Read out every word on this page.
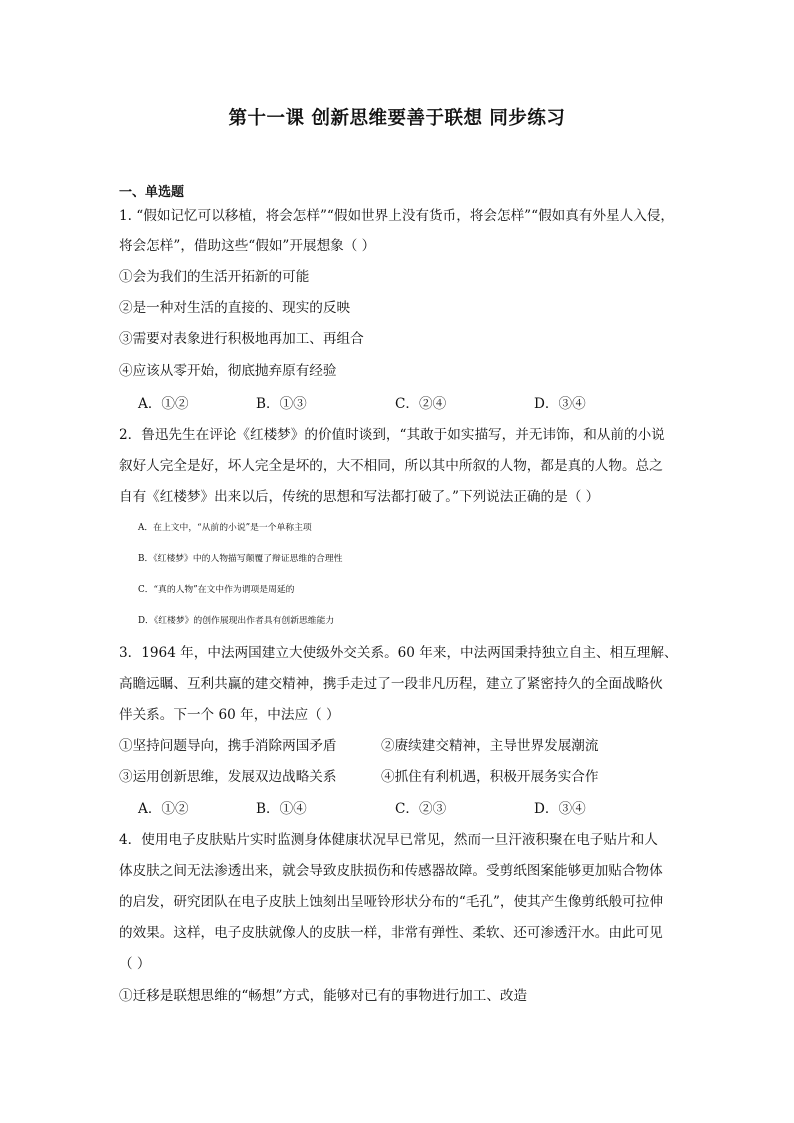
第十一课 创新思维要善于联想 同步练习
一、单选题
1. “假如记忆可以移植，将会怎样”“假如世界上没有货币，将会怎样”“假如真有外星人入侵，
将会怎样”，借助这些“假如”开展想象（ ）
①会为我们的生活开拓新的可能
②是一种对生活的直接的、现实的反映
③需要对表象进行积极地再加工、再组合
④应该从零开始，彻底抛弃原有经验
A．①②	B．①③	C．②④	D．③④
2．鲁迅先生在评论《红楼梦》的价值时谈到，“其敢于如实描写，并无讳饰，和从前的小说
叙好人完全是好，坏人完全是坏的，大不相同，所以其中所叙的人物，都是真的人物。总之
自有《红楼梦》出来以后，传统的思想和写法都打破了。”下列说法正确的是（ ）
A．在上文中，“从前的小说”是一个单称主项
B．《红楼梦》中的人物描写颠覆了辩证思维的合理性
C．“真的人物”在文中作为谓项是周延的
D．《红楼梦》的创作展现出作者具有创新思维能力
3．1964 年，中法两国建立大使级外交关系。60 年来，中法两国秉持独立自主、相互理解、
高瞻远瞩、互利共赢的建交精神，携手走过了一段非凡历程，建立了紧密持久的全面战略伙
伴关系。下一个 60 年，中法应（ ）
①坚持问题导向，携手消除两国矛盾	②赓续建交精神，主导世界发展潮流
③运用创新思维，发展双边战略关系	④抓住有利机遇，积极开展务实合作
A．①②	B．①④	C．②③	D．③④
4．使用电子皮肤贴片实时监测身体健康状况早已常见，然而一旦汗液积聚在电子贴片和人
体皮肤之间无法渗透出来，就会导致皮肤损伤和传感器故障。受剪纸图案能够更加贴合物体
的启发，研究团队在电子皮肤上蚀刻出呈哑铃形状分布的“毛孔”，使其产生像剪纸般可拉伸
的效果。这样，电子皮肤就像人的皮肤一样，非常有弹性、柔软、还可渗透汗水。由此可见
（ ）
①迁移是联想思维的“畅想”方式，能够对已有的事物进行加工、改造
